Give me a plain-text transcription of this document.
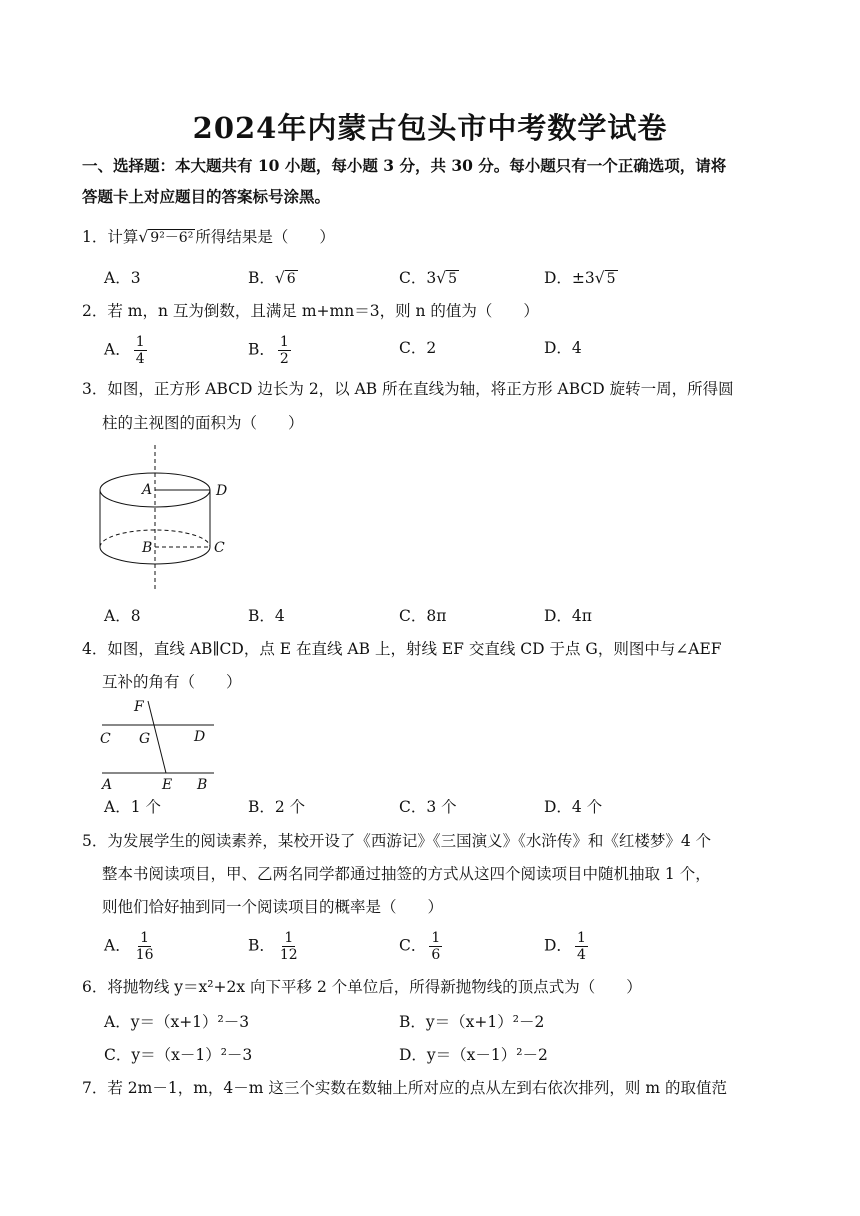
2024年内蒙古包头市中考数学试卷
一、选择题：本大题共有 10 小题，每小题 3 分，共 30 分。每小题只有一个正确选项，请将
答题卡上对应题目的答案标号涂黑。
1．计算√ 9²－6² 所得结果是（　　）
A．3	B．√ 6	C．3√ 5	D．±3√ 5
2．若 m，n 互为倒数，且满足 m+mn＝3，则 n 的值为（　　）
A． $\frac{1}{4}$	B． $\frac{1}{2}$	C．2	D．4
3．如图，正方形 ABCD 边长为 2，以 AB 所在直线为轴，将正方形 ABCD 旋转一周，所得圆
柱的主视图的面积为（　　）
A	D
B	C
A．8	B．4	C．8π	D．4π
4．如图，直线 AB∥CD，点 E 在直线 AB 上，射线 EF 交直线 CD 于点 G，则图中与∠AEF
互补的角有（　　）
F
C G	D
A	E B
A．1 个	B．2 个	C．3 个	D．4 个
5．为发展学生的阅读素养，某校开设了《西游记》《三国演义》《水浒传》和《红楼梦》4 个
整本书阅读项目，甲、乙两名同学都通过抽签的方式从这四个阅读项目中随机抽取 1 个，
则他们恰好抽到同一个阅读项目的概率是（　　）
A． $\frac{1}{16}$	B． $\frac{1}{12}$	C． $\frac{1}{6}$	D． $\frac{1}{4}$
6．将抛物线 y＝x²+2x 向下平移 2 个单位后，所得新抛物线的顶点式为（　　）
A．y＝（x+1）²－3	B．y＝（x+1）²－2
C．y＝（x－1）²－3	D．y＝（x－1）²－2
7．若 2m－1，m，4－m 这三个实数在数轴上所对应的点从左到右依次排列，则 m 的取值范
